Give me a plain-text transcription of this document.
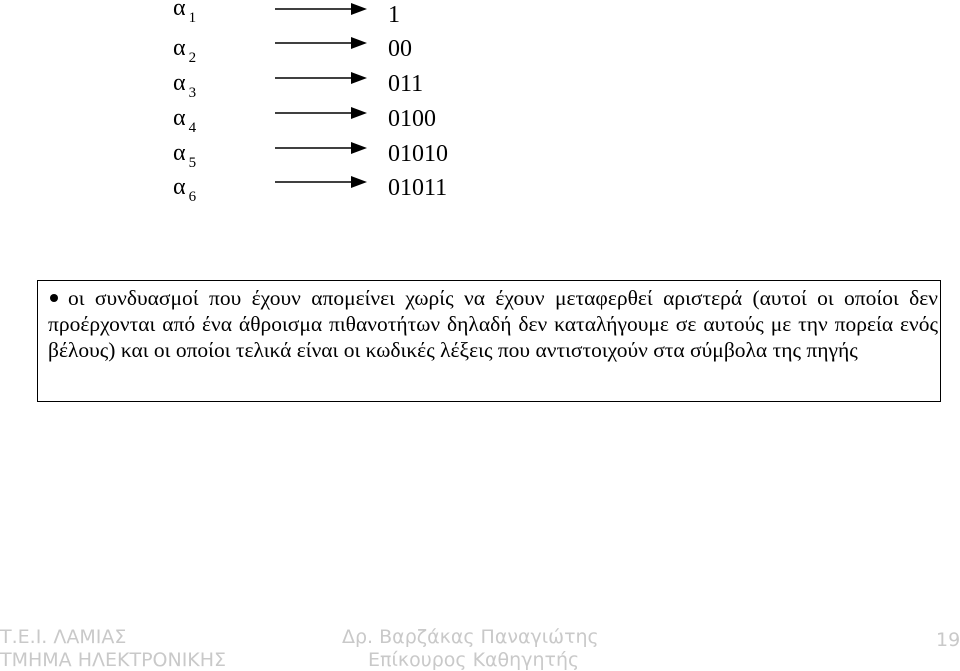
α $_1$	1
α $_2$	00
α $_3$	011
α $_4$	0100
α $_5$	01010
α $_6$	01011

οι συνδυασμοί που έχουν απομείνει χωρίς να έχουν μεταφερθεί αριστερά (αυτοί οι οποίοι δεν προέρχονται από ένα άθροισμα πιθανοτήτων δηλαδή δεν καταλήγουμε σε αυτούς με την πορεία ενός βέλους) και οι οποίοι τελικά είναι οι κωδικές λέξεις που αντιστοιχούν στα σύμβολα της πηγής

Τ.Ε.Ι. ΛΑΜΙΑΣ
ΤΜΗΜΑ ΗΛΕΚΤΡΟΝΙΚΗΣ
Δρ. Βαρζάκας Παναγιώτης
Επίκουρος Καθηγητής
19
